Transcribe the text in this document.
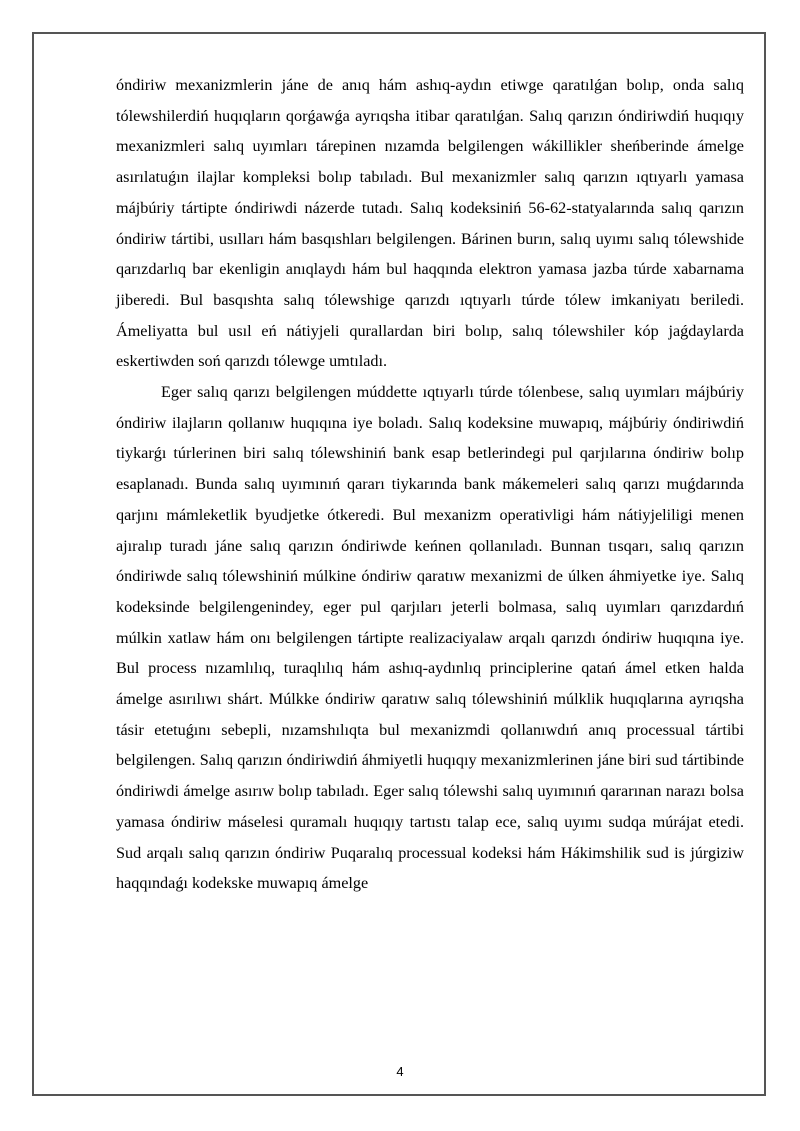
óndiriw mexanizmlerin jáne de anıq hám ashıq-aydın etiwge qaratılǵan bolıp, onda salıq tólewshilerdiń huqıqların qorǵawǵa ayrıqsha itibar qaratılǵan. Salıq qarızın óndiriwdiń huqıqıy mexanizmleri salıq uyımları tárepinen nızamda belgilengen wákillikler sheńberinde ámelge asırılatuǵın ilajlar kompleksi bolıp tabıladı. Bul mexanizmler salıq qarızın ıqtıyarlı yamasa májbúriy tártipte óndiriwdi názerde tutadı. Salıq kodeksiniń 56-62-statyalarında salıq qarızın óndiriw tártibi, usılları hám basqıshları belgilengen. Bárinen burın, salıq uyımı salıq tólewshide qarızdarlıq bar ekenligin anıqlaydı hám bul haqqında elektron yamasa jazba túrde xabarnama jiberedi. Bul basqıshta salıq tólewshige qarızdı ıqtıyarlı túrde tólew imkaniyatı beriledi. Ámeliyatta bul usıl eń nátiyjeli qurallardan biri bolıp, salıq tólewshiler kóp jaǵdaylarda eskertiwden soń qarızdı tólewge umtıladı.

Eger salıq qarızı belgilengen múddette ıqtıyarlı túrde tólenbese, salıq uyımları májbúriy óndiriw ilajların qollanıw huqıqına iye boladı. Salıq kodeksine muwapıq, májbúriy óndiriwdiń tiykarǵı túrlerinen biri salıq tólewshiniń bank esap betlerindegi pul qarjılarına óndiriw bolıp esaplanadı. Bunda salıq uyımınıń qararı tiykarında bank mákemeleri salıq qarızı muǵdarında qarjını mámleketlik byudjetke ótkeredi. Bul mexanizm operativligi hám nátiyjeliligi menen ajıralıp turadı jáne salıq qarızın óndiriwde keńnen qollanıladı. Bunnan tısqarı, salıq qarızın óndiriwde salıq tólewshiniń múlkine óndiriw qaratıw mexanizmi de úlken áhmiyetke iye. Salıq kodeksinde belgilengenindey, eger pul qarjıları jeterli bolmasa, salıq uyımları qarızdardıń múlkin xatlaw hám onı belgilengen tártipte realizaciyalaw arqalı qarızdı óndiriw huqıqına iye. Bul process nızamlılıq, turaqlılıq hám ashıq-aydınlıq principlerine qatań ámel etken halda ámelge asırılıwı shárt. Múlkke óndiriw qaratıw salıq tólewshiniń múlklik huqıqlarına ayrıqsha tásir etetuǵını sebepli, nızamshılıqta bul mexanizmdi qollanıwdıń anıq processual tártibi belgilengen. Salıq qarızın óndiriwdiń áhmiyetli huqıqıy mexanizmlerinen jáne biri sud tártibinde óndiriwdi ámelge asırıw bolıp tabıladı. Eger salıq tólewshi salıq uyımınıń qararınan narazı bolsa yamasa óndiriw máselesi quramalı huqıqıy tartıstı talap ece, salıq uyımı sudqa múrájat etedi. Sud arqalı salıq qarızın óndiriw Puqaralıq processual kodeksi hám Hákimshilik sud is júrgiziw haqqındaǵı kodekske muwapıq ámelge

4
